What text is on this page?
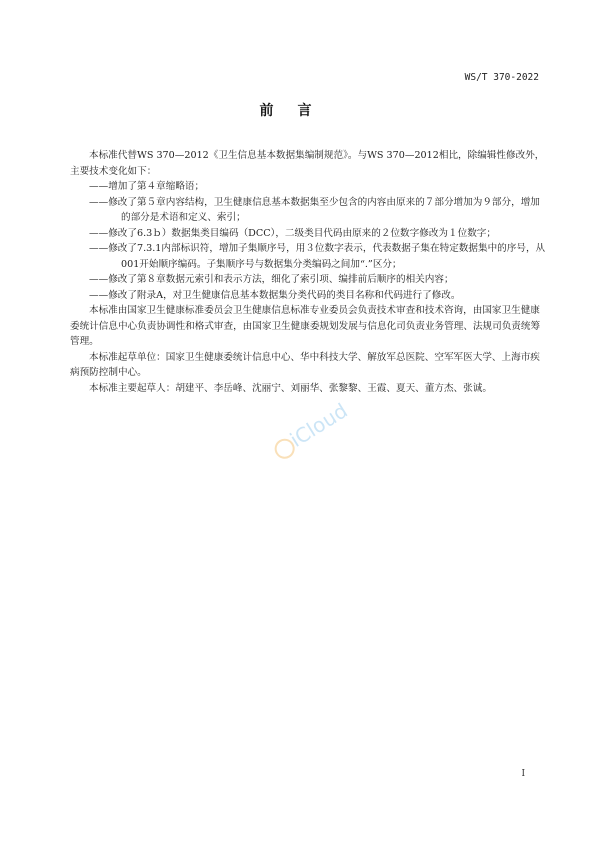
WS/T 370-2022
前言

本标准代替WS 370—2012《卫生信息基本数据集编制规范》。与WS 370—2012相比，除编辑性修改外，主要技术变化如下：

——增加了第４章缩略语；

——修改了第５章内容结构，卫生健康信息基本数据集至少包含的内容由原来的７部分增加为９部分，增加的部分是术语和定义、索引；

——修改了6.3ｂ）数据集类目编码（DCC），二级类目代码由原来的２位数字修改为１位数字；

——修改了7.3.1内部标识符，增加子集顺序号，用３位数字表示，代表数据子集在特定数据集中的序号，从001开始顺序编码。子集顺序号与数据集分类编码之间加“.”区分；

——修改了第８章数据元索引和表示方法，细化了索引项、编排前后顺序的相关内容；

——修改了附录A，对卫生健康信息基本数据集分类代码的类目名称和代码进行了修改。

本标准由国家卫生健康标准委员会卫生健康信息标准专业委员会负责技术审查和技术咨询，由国家卫生健康委统计信息中心负责协调性和格式审查，由国家卫生健康委规划发展与信息化司负责业务管理、法规司负责统筹管理。

本标准起草单位：国家卫生健康委统计信息中心、华中科技大学、解放军总医院、空军军医大学、上海市疾病预防控制中心。

本标准主要起草人：胡建平、李岳峰、沈丽宁、刘丽华、张黎黎、王霞、夏天、董方杰、张诚。

iCloud
I
